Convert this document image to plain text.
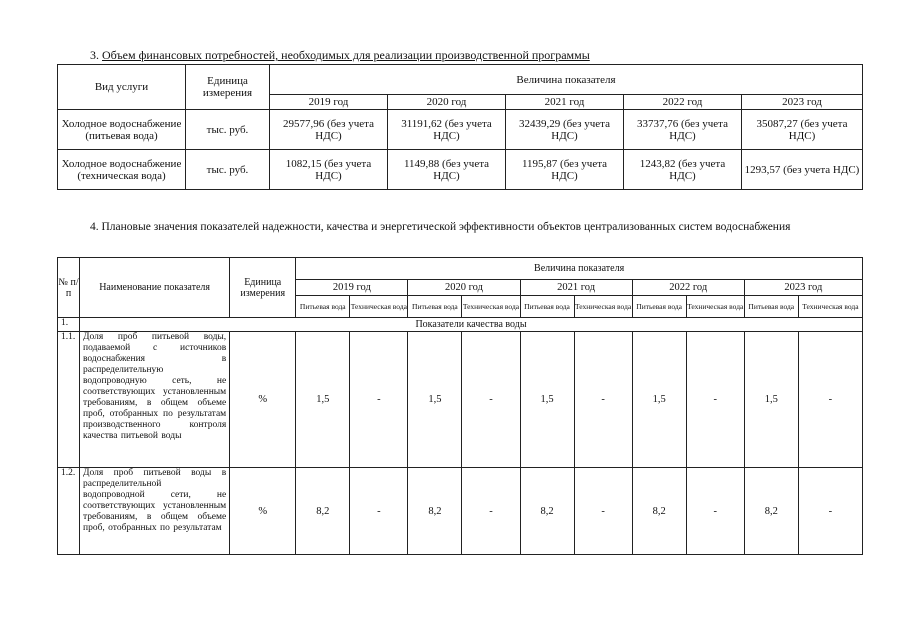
3. Объем финансовых потребностей, необходимых для реализации производственной программы
Вид услуги	Единица измерения	Величина показателя				
		2019 год	2020 год	2021 год	2022 год	2023 год
Холодное водоснабжение (питьевая вода)	тыс. руб.	29577,96 (без учета НДС)	31191,62 (без учета НДС)	32439,29 (без учета НДС)	33737,76 (без учета НДС)	35087,27 (без учета НДС)
Холодное водоснабжение (техническая вода)	тыс. руб.	1082,15 (без учета НДС)	1149,88 (без учета НДС)	1195,87 (без учета НДС)	1243,82 (без учета НДС)	1293,57 (без учета НДС)
4. Плановые значения показателей надежности, качества и энергетической эффективности объектов централизованных систем водоснабжения
№ п/п	Наименование показателя	Единица измерения	Величина показателя									
			2019 год		2020 год		2021 год		2022 год		2023 год	
			Питьевая вода	Техническая вода	Питьевая вода	Техническая вода	Питьевая вода	Техническая вода	Питьевая вода	Техническая вода	Питьевая вода	Техническая вода
1.	Показатели качества воды											
1.1.	Доля проб питьевой воды, подаваемой с источников водоснабжения в распределительную водопроводную сеть, не соответствующих установленным требованиям, в общем объеме проб, отобранных по результатам производственного контроля качества питьевой воды	%	1,5	-	1,5	-	1,5	-	1,5	-	1,5	-
1.2.	Доля проб питьевой воды в распределительной водопроводной сети, не соответствующих установленным требованиям, в общем объеме проб, отобранных по результатам	%	8,2	-	8,2	-	8,2	-	8,2	-	8,2	-
